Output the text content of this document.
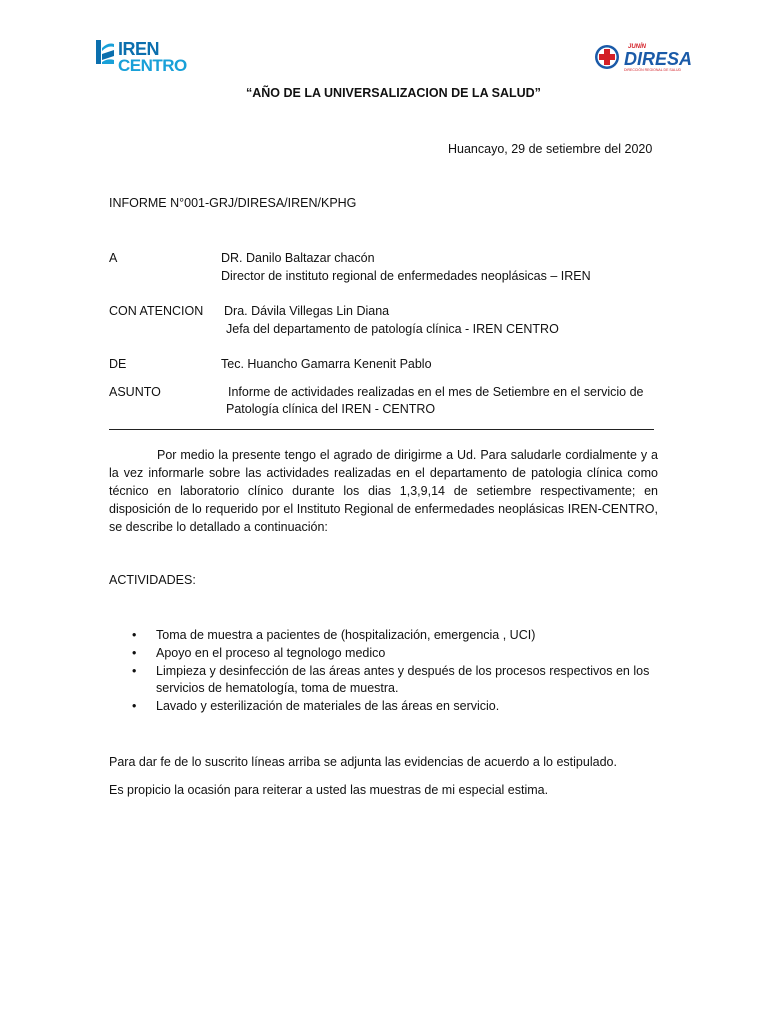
IREN
CENTRO
JUNÍN
DIRESA
DIRECCIÓN REGIONAL DE SALUD
“AÑO DE LA UNIVERSALIZACION DE LA SALUD”
Huancayo, 29 de setiembre del 2020
INFORME N°001-GRJ/DIRESA/IREN/KPHG
A	DR. Danilo Baltazar chacón
Director de instituto regional de enfermedades neoplásicas – IREN
CON ATENCION Dra. Dávila Villegas Lin Diana
Jefa del departamento de patología clínica - IREN CENTRO
DE	Tec. Huancho Gamarra Kenenit Pablo
ASUNTO	Informe de actividades realizadas en el mes de Setiembre en el servicio de
Patología clínica del IREN - CENTRO
Por medio la presente tengo el agrado de dirigirme a Ud. Para saludarle cordialmente y a la vez informarle sobre las actividades realizadas en el departamento de patologia clínica como técnico en laboratorio clínico durante los dias 1,3,9,14 de setiembre respectivamente; en disposición de lo requerido por el Instituto Regional de enfermedades neoplásicas IREN-CENTRO, se describe lo detallado a continuación:
ACTIVIDADES:
• Toma de muestra a pacientes de (hospitalización, emergencia , UCI)
• Apoyo en el proceso al tegnologo medico
• Limpieza y desinfección de las áreas antes y después de los procesos respectivos en los servicios de hematología, toma de muestra.
• Lavado y esterilización de materiales de las áreas en servicio.
Para dar fe de lo suscrito líneas arriba se adjunta las evidencias de acuerdo a lo estipulado.
Es propicio la ocasión para reiterar a usted las muestras de mi especial estima.
